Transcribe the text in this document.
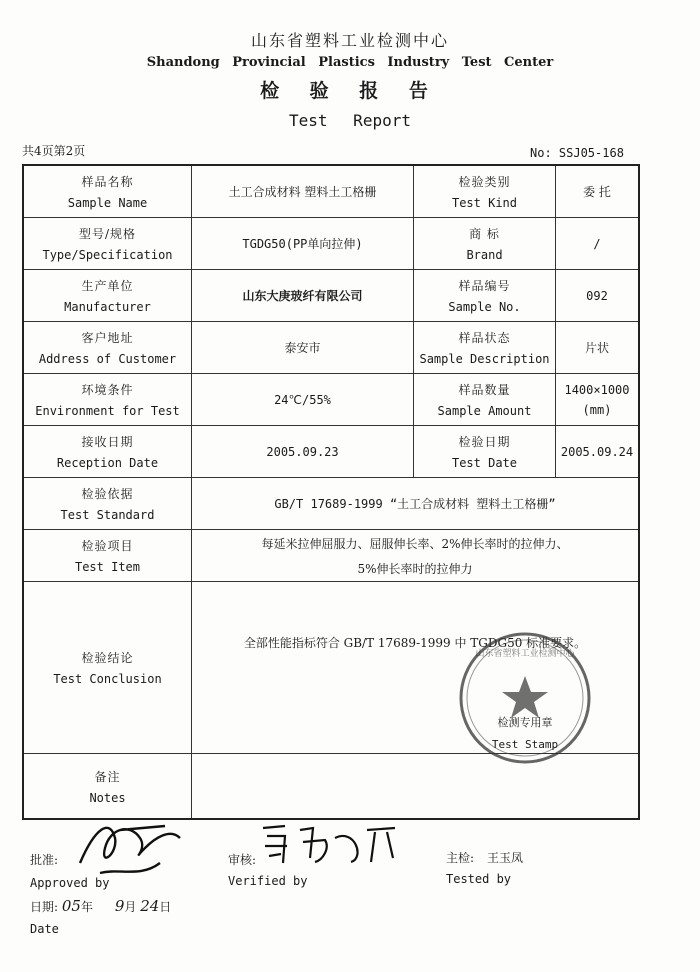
山东省塑料工业检测中心
Shandong Provincial Plastics Industry Test Center
检 验 报 告
Test Report
共4页第2页	No: SSJ05-168
样品名称
Sample Name
土工合成材料 塑料土工格栅
检验类别
Test Kind
委 托
型号/规格
Type/Specification
TGDG50(PP单向拉伸)
商 标
Brand
/
生产单位
Manufacturer
山东大庚玻纤有限公司
样品编号
Sample No.
092
客户地址
Address of Customer
泰安市
样品状态
Sample Description
片状
环境条件
Environment for Test
24℃/55%
样品数量
Sample Amount
1400×1000
(mm)
接收日期
Reception Date
2005.09.23
检验日期
Test Date
2005.09.24
检验依据
Test Standard
GB/T 17689-1999 “土工合成材料 塑料土工格栅”
检验项目
Test Item
每延米拉伸屈服力、屈服伸长率、2%伸长率时的拉伸力、
5%伸长率时的拉伸力
检验结论
Test Conclusion
全部性能指标符合 GB/T 17689-1999 中 TGDG50 标准要求。
备注
Notes
检测专用章
Test Stamp
山东省塑料工业检测中心
批准:
Approved by
审核:
Verified by
主检: 王玉凤
Tested by
日期: 05年 9月 24日
Date
